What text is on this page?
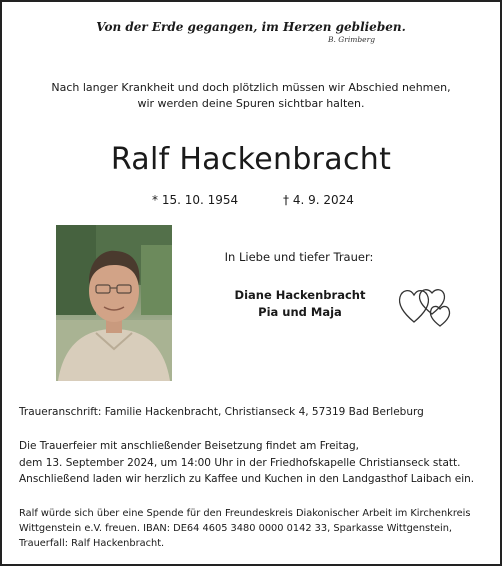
Von der Erde gegangen, im Herzen geblieben.
B. Grimberg
Nach langer Krankheit und doch plötzlich müssen wir Abschied nehmen,
wir werden deine Spuren sichtbar halten.
Ralf Hackenbracht
* 15. 10. 1954	† 4. 9. 2024
In Liebe und tiefer Trauer:
Diane Hackenbracht
Pia und Maja
Traueranschrift: Familie Hackenbracht, Christianseck 4, 57319 Bad Berleburg
Die Trauerfeier mit anschließender Beisetzung findet am Freitag,
dem 13. September 2024, um 14:00 Uhr in der Friedhofskapelle Christianseck statt.
Anschließend laden wir herzlich zu Kaffee und Kuchen in den Landgasthof Laibach ein.
Ralf würde sich über eine Spende für den Freundeskreis Diakonischer Arbeit im Kirchenkreis
Wittgenstein e.V. freuen. IBAN: DE64 4605 3480 0000 0142 33, Sparkasse Wittgenstein,
Trauerfall: Ralf Hackenbracht.
